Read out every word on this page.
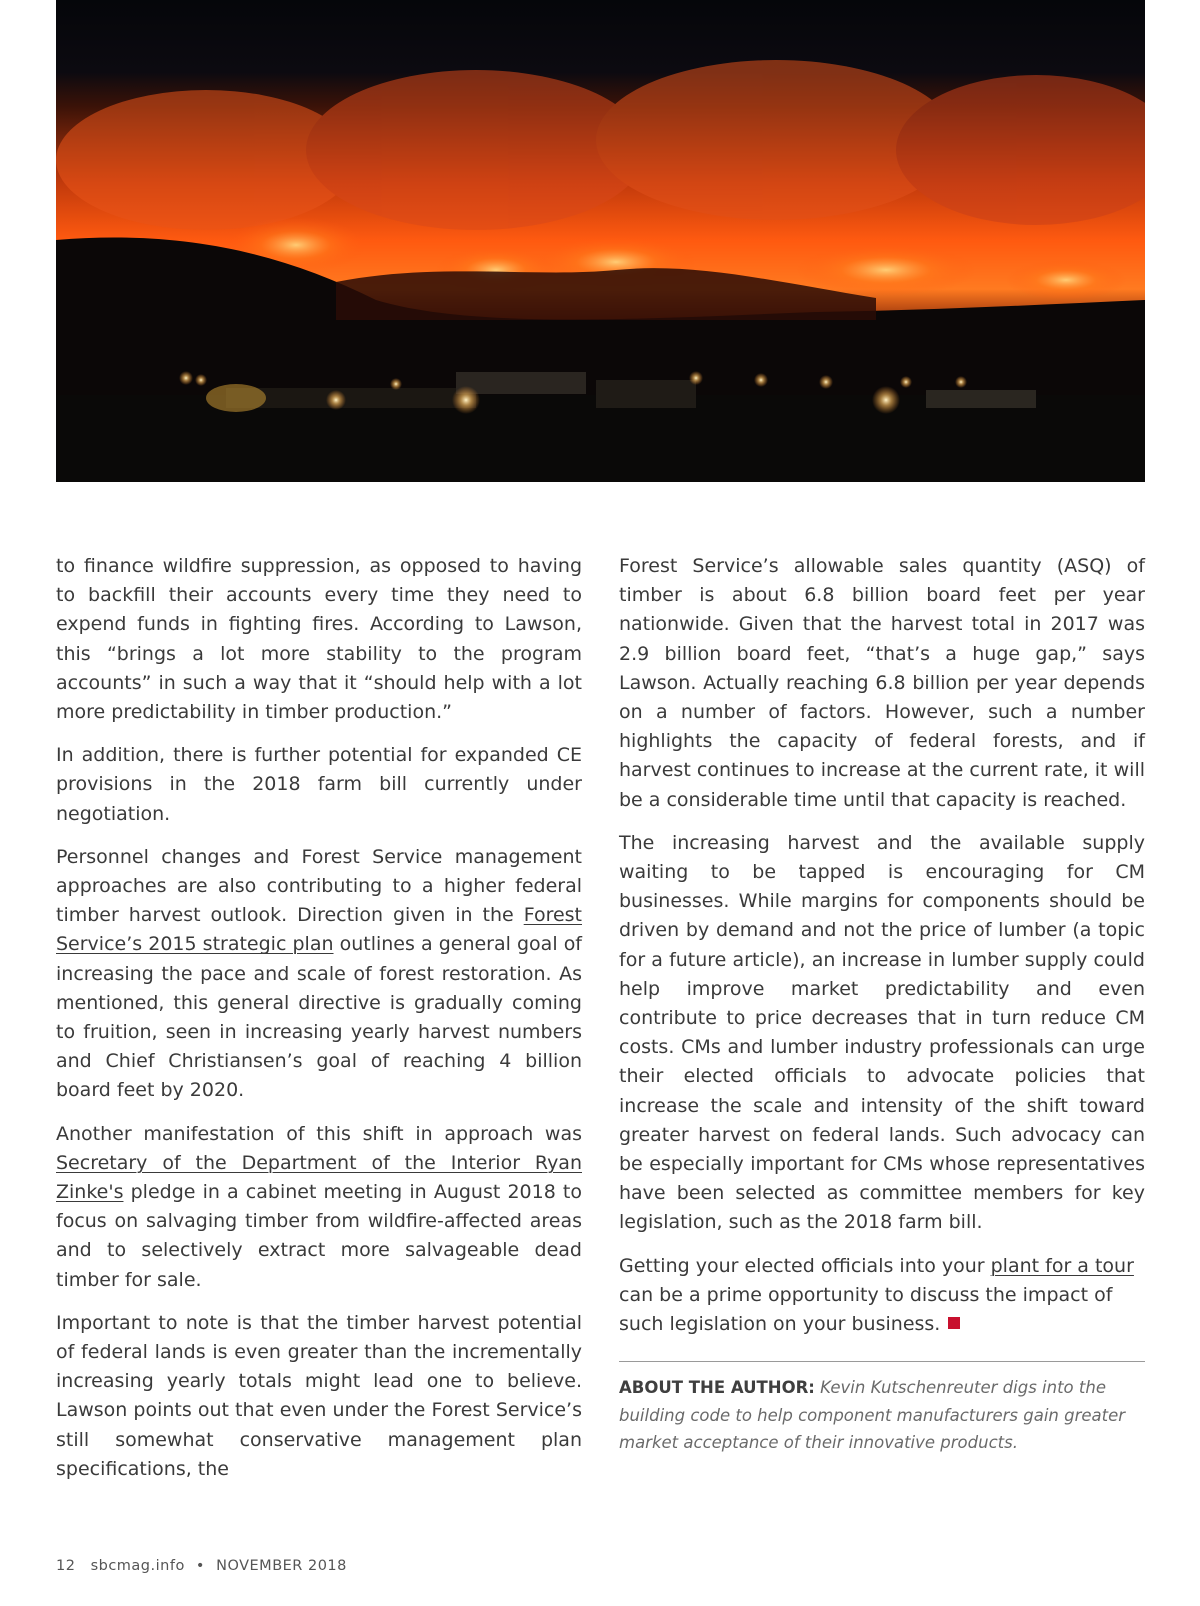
to finance wildfire suppression, as opposed to having to backfill their accounts every time they need to expend funds in fighting fires. According to Lawson, this “brings a lot more stability to the program accounts” in such a way that it “should help with a lot more predictability in timber production.”

In addition, there is further potential for expanded CE provisions in the 2018 farm bill currently under negotiation.

Personnel changes and Forest Service management approaches are also contributing to a higher federal timber harvest outlook. Direction given in the Forest Service’s 2015 strategic plan outlines a general goal of increasing the pace and scale of forest restoration. As mentioned, this general directive is gradually coming to fruition, seen in increasing yearly harvest numbers and Chief Christiansen’s goal of reaching 4 billion board feet by 2020.

Another manifestation of this shift in approach was Secretary of the Department of the Interior Ryan Zinke's pledge in a cabinet meeting in August 2018 to focus on salvaging timber from wildfire-affected areas and to selectively extract more salvageable dead timber for sale.

Important to note is that the timber harvest potential of federal lands is even greater than the incrementally increasing yearly totals might lead one to believe. Lawson points out that even under the Forest Service’s still somewhat conservative management plan specifications, the

Forest Service’s allowable sales quantity (ASQ) of timber is about 6.8 billion board feet per year nationwide. Given that the harvest total in 2017 was 2.9 billion board feet, “that’s a huge gap,” says Lawson. Actually reaching 6.8 billion per year depends on a number of factors. However, such a number highlights the capacity of federal forests, and if harvest continues to increase at the current rate, it will be a considerable time until that capacity is reached.

The increasing harvest and the available supply waiting to be tapped is encouraging for CM businesses. While margins for components should be driven by demand and not the price of lumber (a topic for a future article), an increase in lumber supply could help improve market predictability and even contribute to price decreases that in turn reduce CM costs. CMs and lumber industry professionals can urge their elected officials to advocate policies that increase the scale and intensity of the shift toward greater harvest on federal lands. Such advocacy can be especially important for CMs whose representatives have been selected as committee members for key legislation, such as the 2018 farm bill.

Getting your elected officials into your plant for a tour can be a prime opportunity to discuss the impact of such legislation on your business.

ABOUT THE AUTHOR: Kevin Kutschenreuter digs into the building code to help component manufacturers gain greater market acceptance of their innovative products.
12 sbcmag.info • NOVEMBER 2018
